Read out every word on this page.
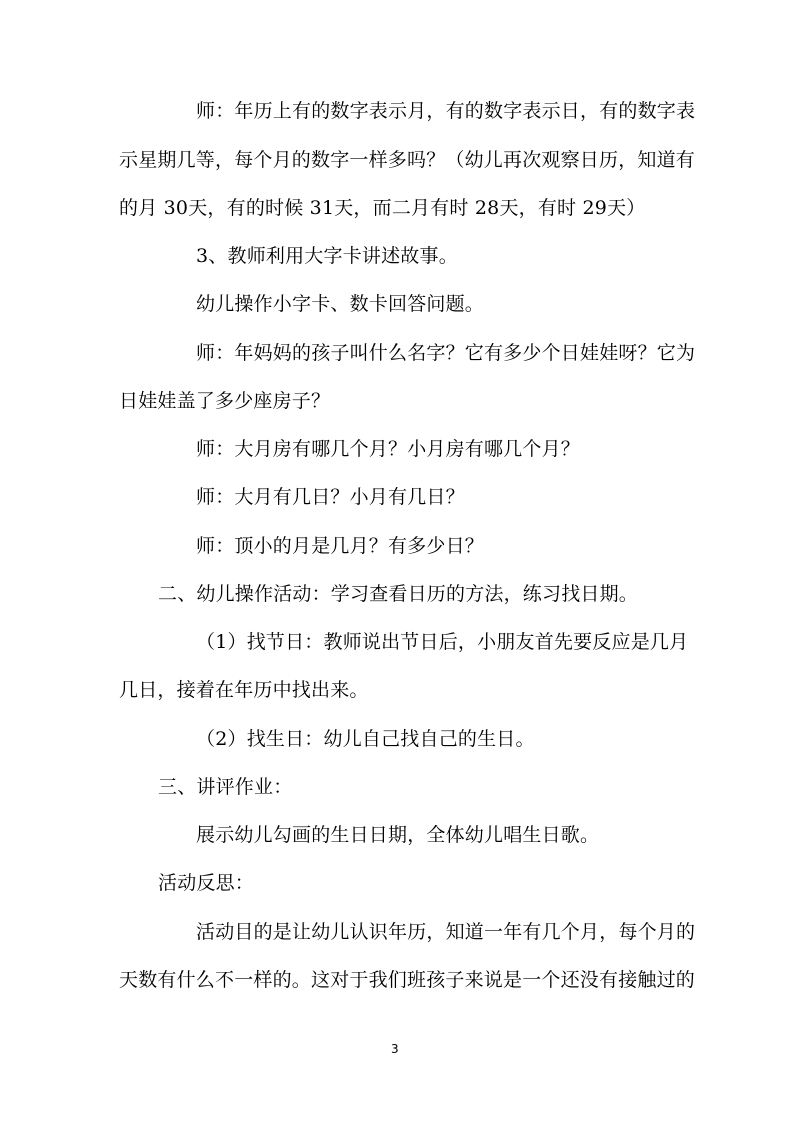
师：年历上有的数字表示月，有的数字表示日，有的数字表
示星期几等，每个月的数字一样多吗？（幼儿再次观察日历，知道有
的月 30天，有的时候 31天，而二月有时 28天，有时 29天）
3、教师利用大字卡讲述故事。
幼儿操作小字卡、数卡回答问题。
师：年妈妈的孩子叫什么名字？它有多少个日娃娃呀？它为
日娃娃盖了多少座房子？
师：大月房有哪几个月？小月房有哪几个月？
师：大月有几日？小月有几日？
师：顶小的月是几月？有多少日？
二、幼儿操作活动：学习查看日历的方法，练习找日期。
（1）找节日：教师说出节日后，小朋友首先要反应是几月
几日，接着在年历中找出来。
（2）找生日：幼儿自己找自己的生日。
三、讲评作业：
展示幼儿勾画的生日日期，全体幼儿唱生日歌。
活动反思：
活动目的是让幼儿认识年历，知道一年有几个月，每个月的
天数有什么不一样的。这对于我们班孩子来说是一个还没有接触过的
3
